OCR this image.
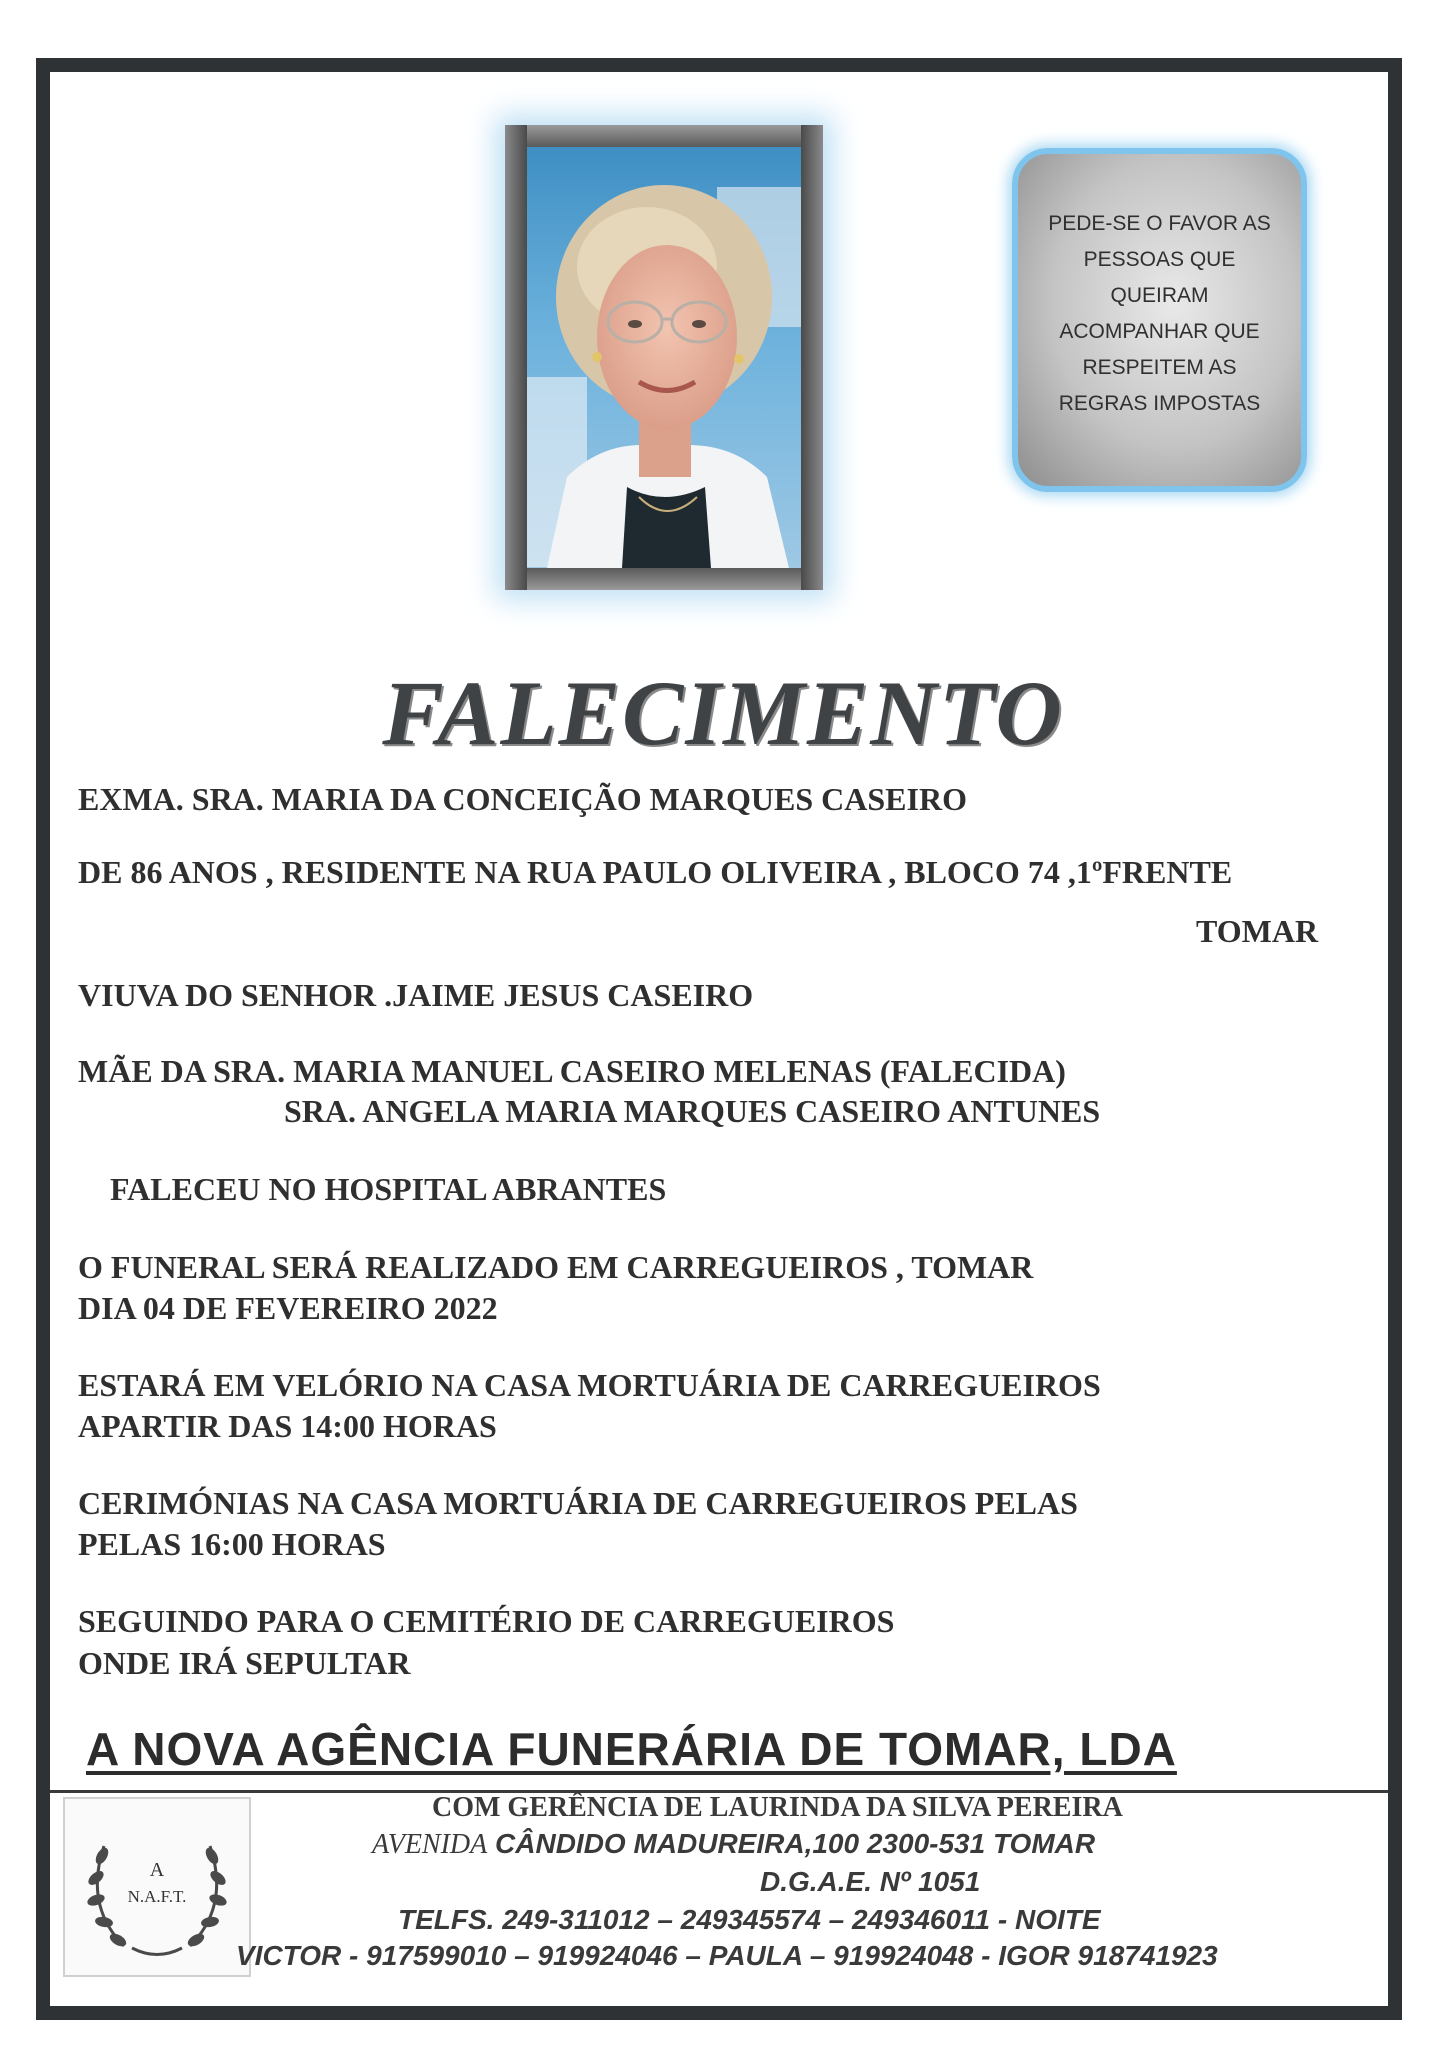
PEDE-SE O FAVOR AS
PESSOAS QUE
QUEIRAM
ACOMPANHAR QUE
RESPEITEM AS
REGRAS IMPOSTAS
FALECIMENTO
EXMA. SRA. MARIA DA CONCEIÇÃO MARQUES CASEIRO
DE 86 ANOS , RESIDENTE NA RUA PAULO OLIVEIRA , BLOCO 74 ,1ºFRENTE
TOMAR
VIUVA DO SENHOR .JAIME JESUS CASEIRO
MÃE DA SRA. MARIA MANUEL CASEIRO MELENAS (FALECIDA)
SRA. ANGELA MARIA MARQUES CASEIRO ANTUNES
FALECEU NO HOSPITAL ABRANTES
O FUNERAL SERÁ REALIZADO EM CARREGUEIROS , TOMAR
DIA 04 DE FEVEREIRO 2022
ESTARÁ EM VELÓRIO NA CASA MORTUÁRIA DE CARREGUEIROS
APARTIR DAS 14:00 HORAS
CERIMÓNIAS NA CASA MORTUÁRIA DE CARREGUEIROS PELAS
PELAS 16:00 HORAS
SEGUINDO PARA O CEMITÉRIO DE CARREGUEIROS
ONDE IRÁ SEPULTAR
A NOVA AGÊNCIA FUNERÁRIA DE TOMAR, LDA
A
N.A.F.T.
COM GERÊNCIA DE LAURINDA DA SILVA PEREIRA
AVENIDA CÂNDIDO MADUREIRA,100 2300-531 TOMAR
D.G.A.E. Nº 1051
TELFS. 249-311012 – 249345574 – 249346011 - NOITE
VICTOR - 917599010 – 919924046 – PAULA – 919924048 - IGOR 918741923
